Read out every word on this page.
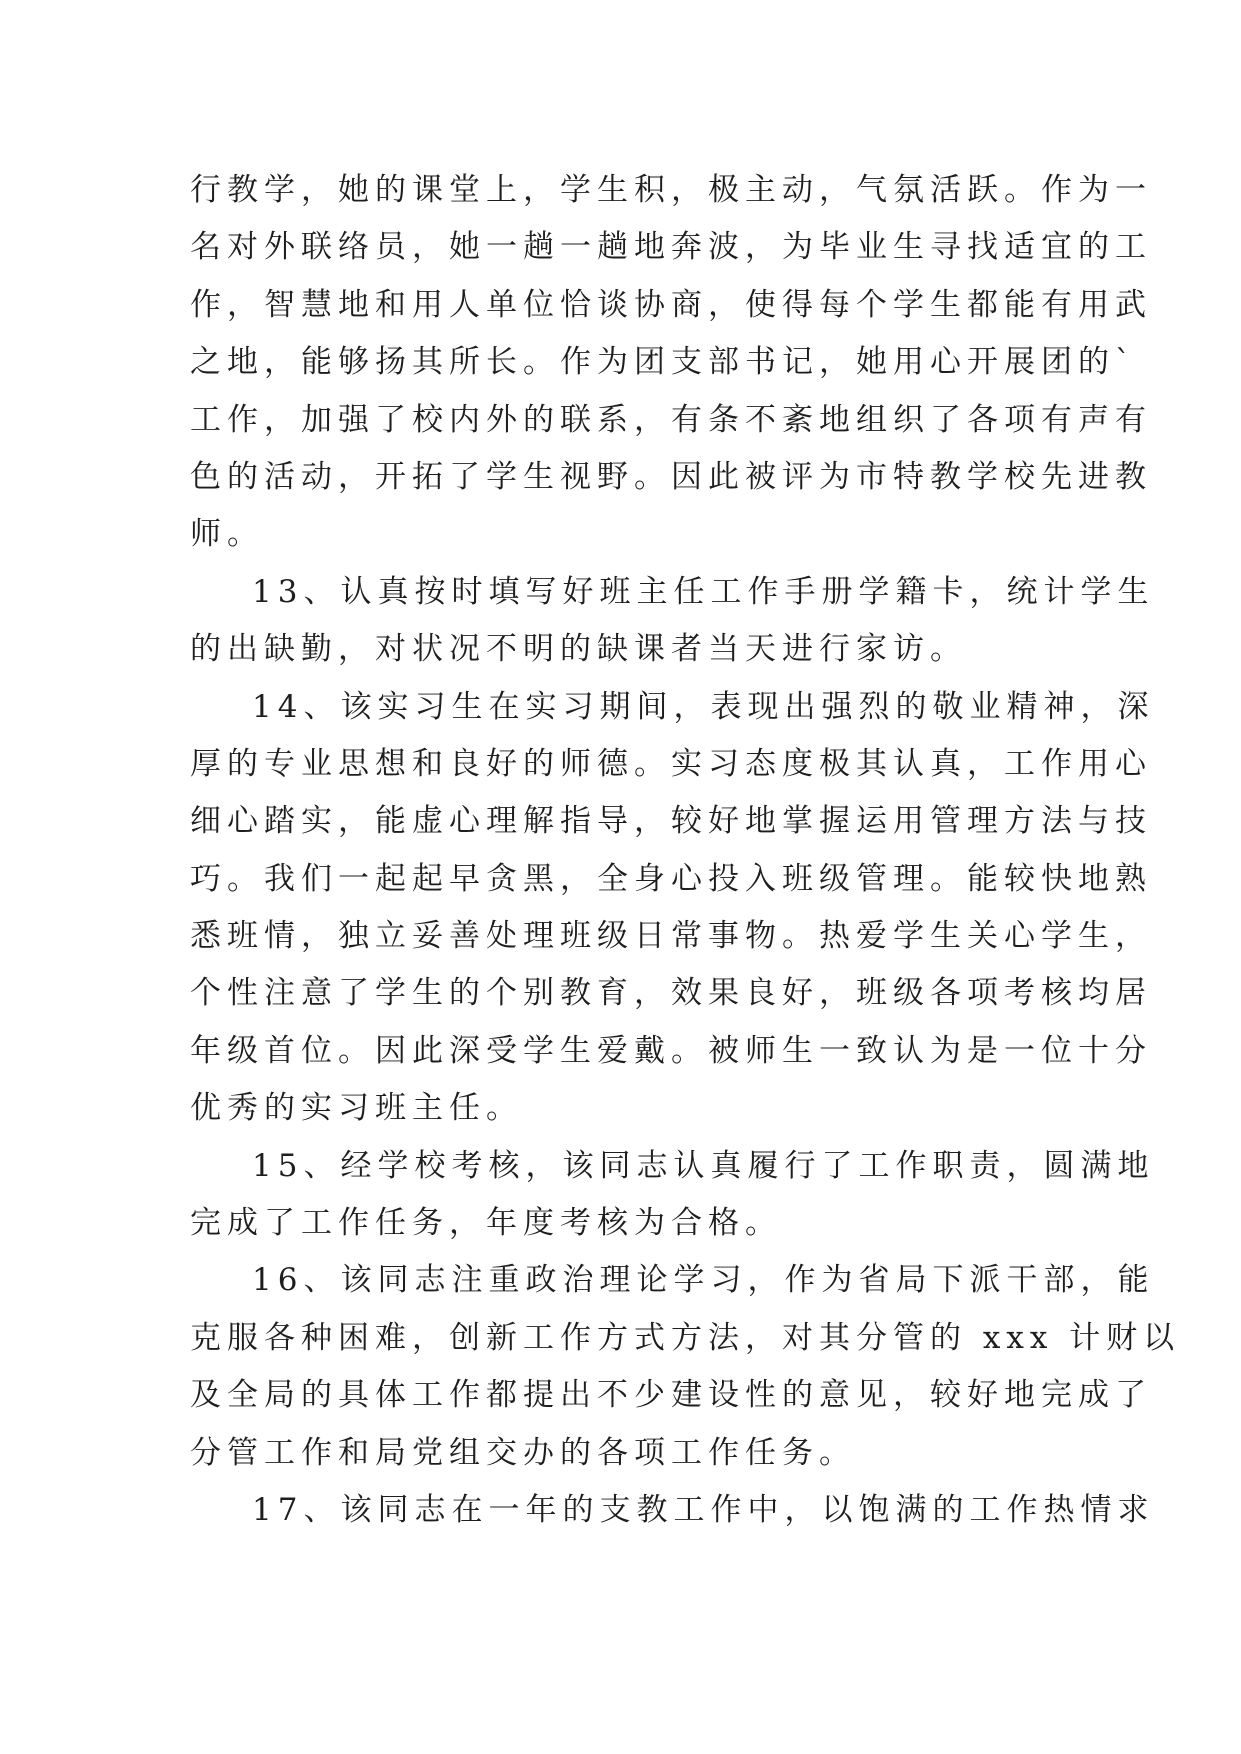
行教学，她的课堂上，学生积，极主动，气氛活跃。作为一
名对外联络员，她一趟一趟地奔波，为毕业生寻找适宜的工
作，智慧地和用人单位恰谈协商，使得每个学生都能有用武
之地，能够扬其所长。作为团支部书记，她用心开展团的`
工作，加强了校内外的联系，有条不紊地组织了各项有声有
色的活动，开拓了学生视野。因此被评为市特教学校先进教
师。
13、认真按时填写好班主任工作手册学籍卡，统计学生
的出缺勤，对状况不明的缺课者当天进行家访。
14、该实习生在实习期间，表现出强烈的敬业精神，深
厚的专业思想和良好的师德。实习态度极其认真，工作用心
细心踏实，能虚心理解指导，较好地掌握运用管理方法与技
巧。我们一起起早贪黑，全身心投入班级管理。能较快地熟
悉班情，独立妥善处理班级日常事物。热爱学生关心学生，
个性注意了学生的个别教育，效果良好，班级各项考核均居
年级首位。因此深受学生爱戴。被师生一致认为是一位十分
优秀的实习班主任。
15、经学校考核，该同志认真履行了工作职责，圆满地
完成了工作任务，年度考核为合格。
16、该同志注重政治理论学习，作为省局下派干部，能
克服各种困难，创新工作方式方法，对其分管的 xxx 计财以
及全局的具体工作都提出不少建设性的意见，较好地完成了
分管工作和局党组交办的各项工作任务。
17、该同志在一年的支教工作中，以饱满的工作热情求
